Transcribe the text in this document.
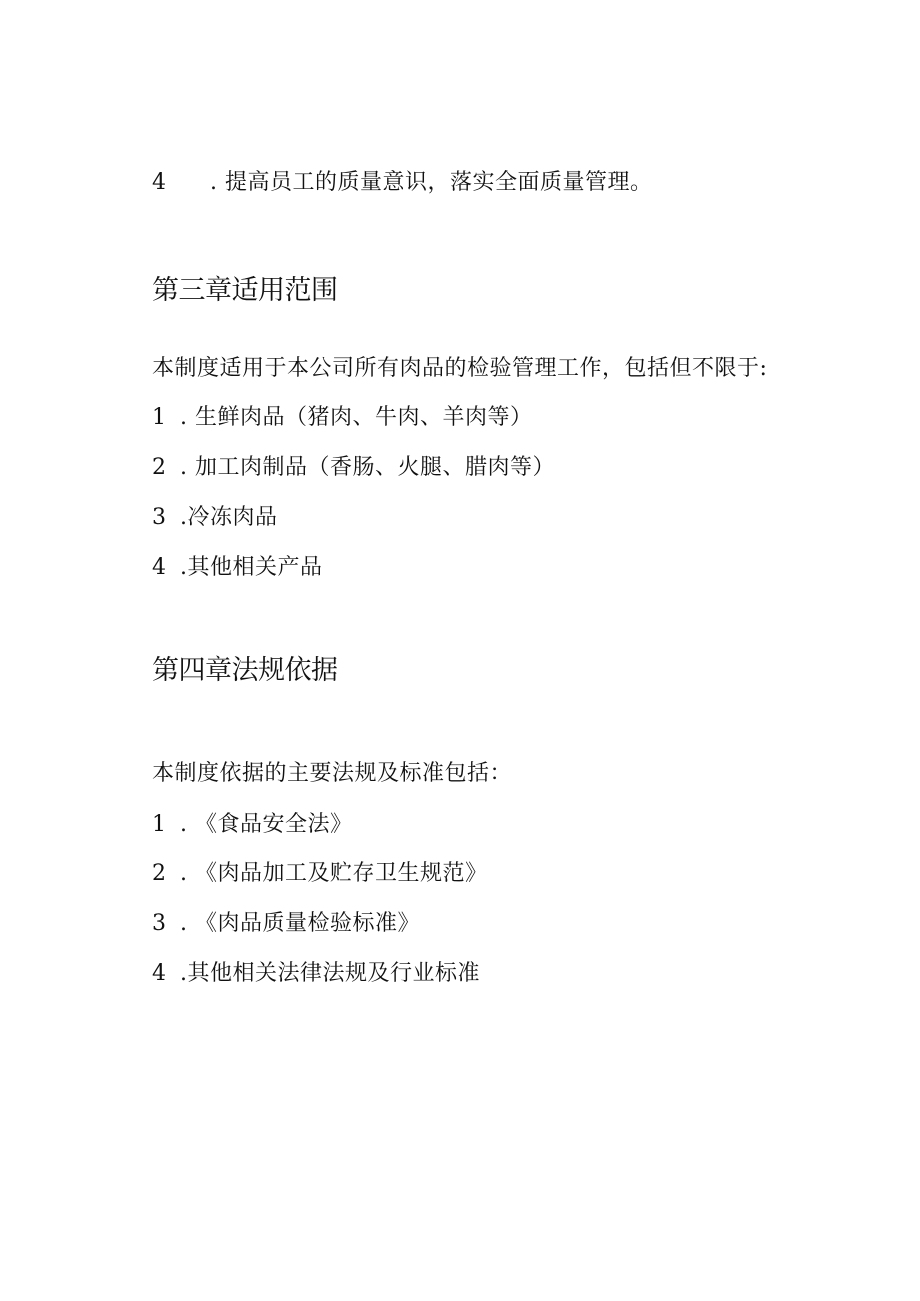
4 . 提高员工的质量意识，落实全面质量管理。
第三章适用范围
本制度适用于本公司所有肉品的检验管理工作，包括但不限于:
1 . 生鲜肉品（猪肉、牛肉、羊肉等）
2 . 加工肉制品（香肠、火腿、腊肉等）
3 .冷冻肉品
4 .其他相关产品
第四章法规依据
本制度依据的主要法规及标准包括：
1 . 《食品安全法》
2 . 《肉品加工及贮存卫生规范》
3 . 《肉品质量检验标准》
4 .其他相关法律法规及行业标准
